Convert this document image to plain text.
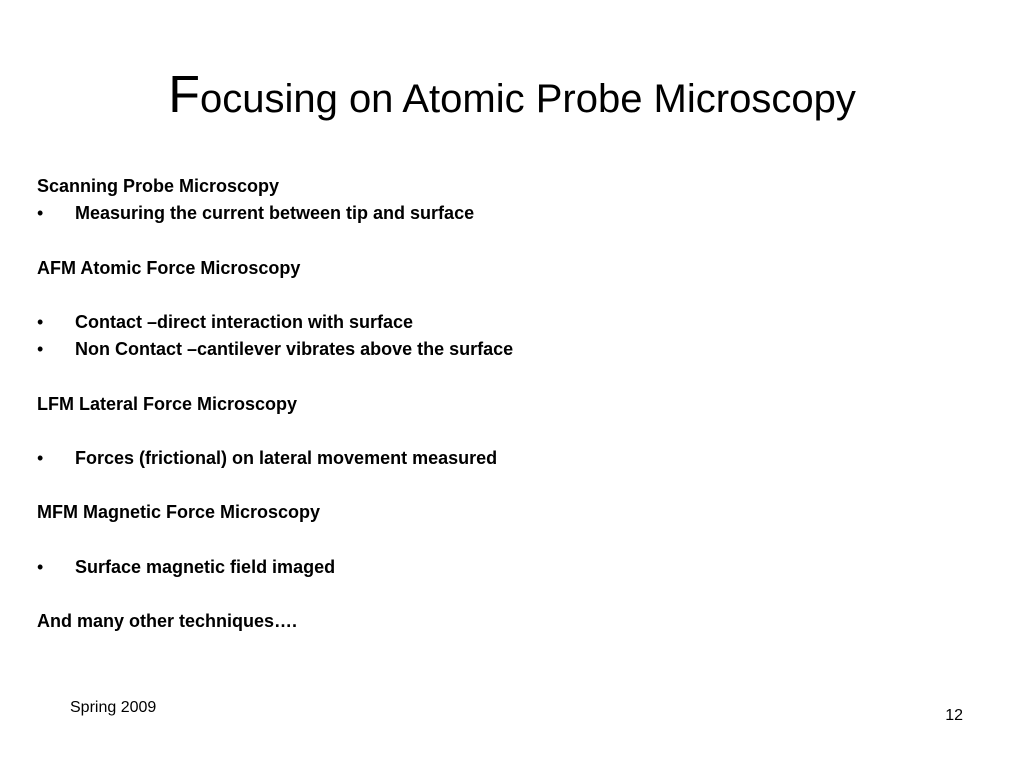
Focusing on Atomic Probe Microscopy
Scanning Probe Microscopy
•	Measuring the current between tip and surface
AFM Atomic Force Microscopy
•	Contact –direct interaction with surface
•	Non Contact –cantilever vibrates above the surface
LFM Lateral Force Microscopy
•	Forces (frictional) on lateral movement measured
MFM Magnetic Force Microscopy
•	Surface magnetic field imaged
And many other techniques….
Spring 2009	12
